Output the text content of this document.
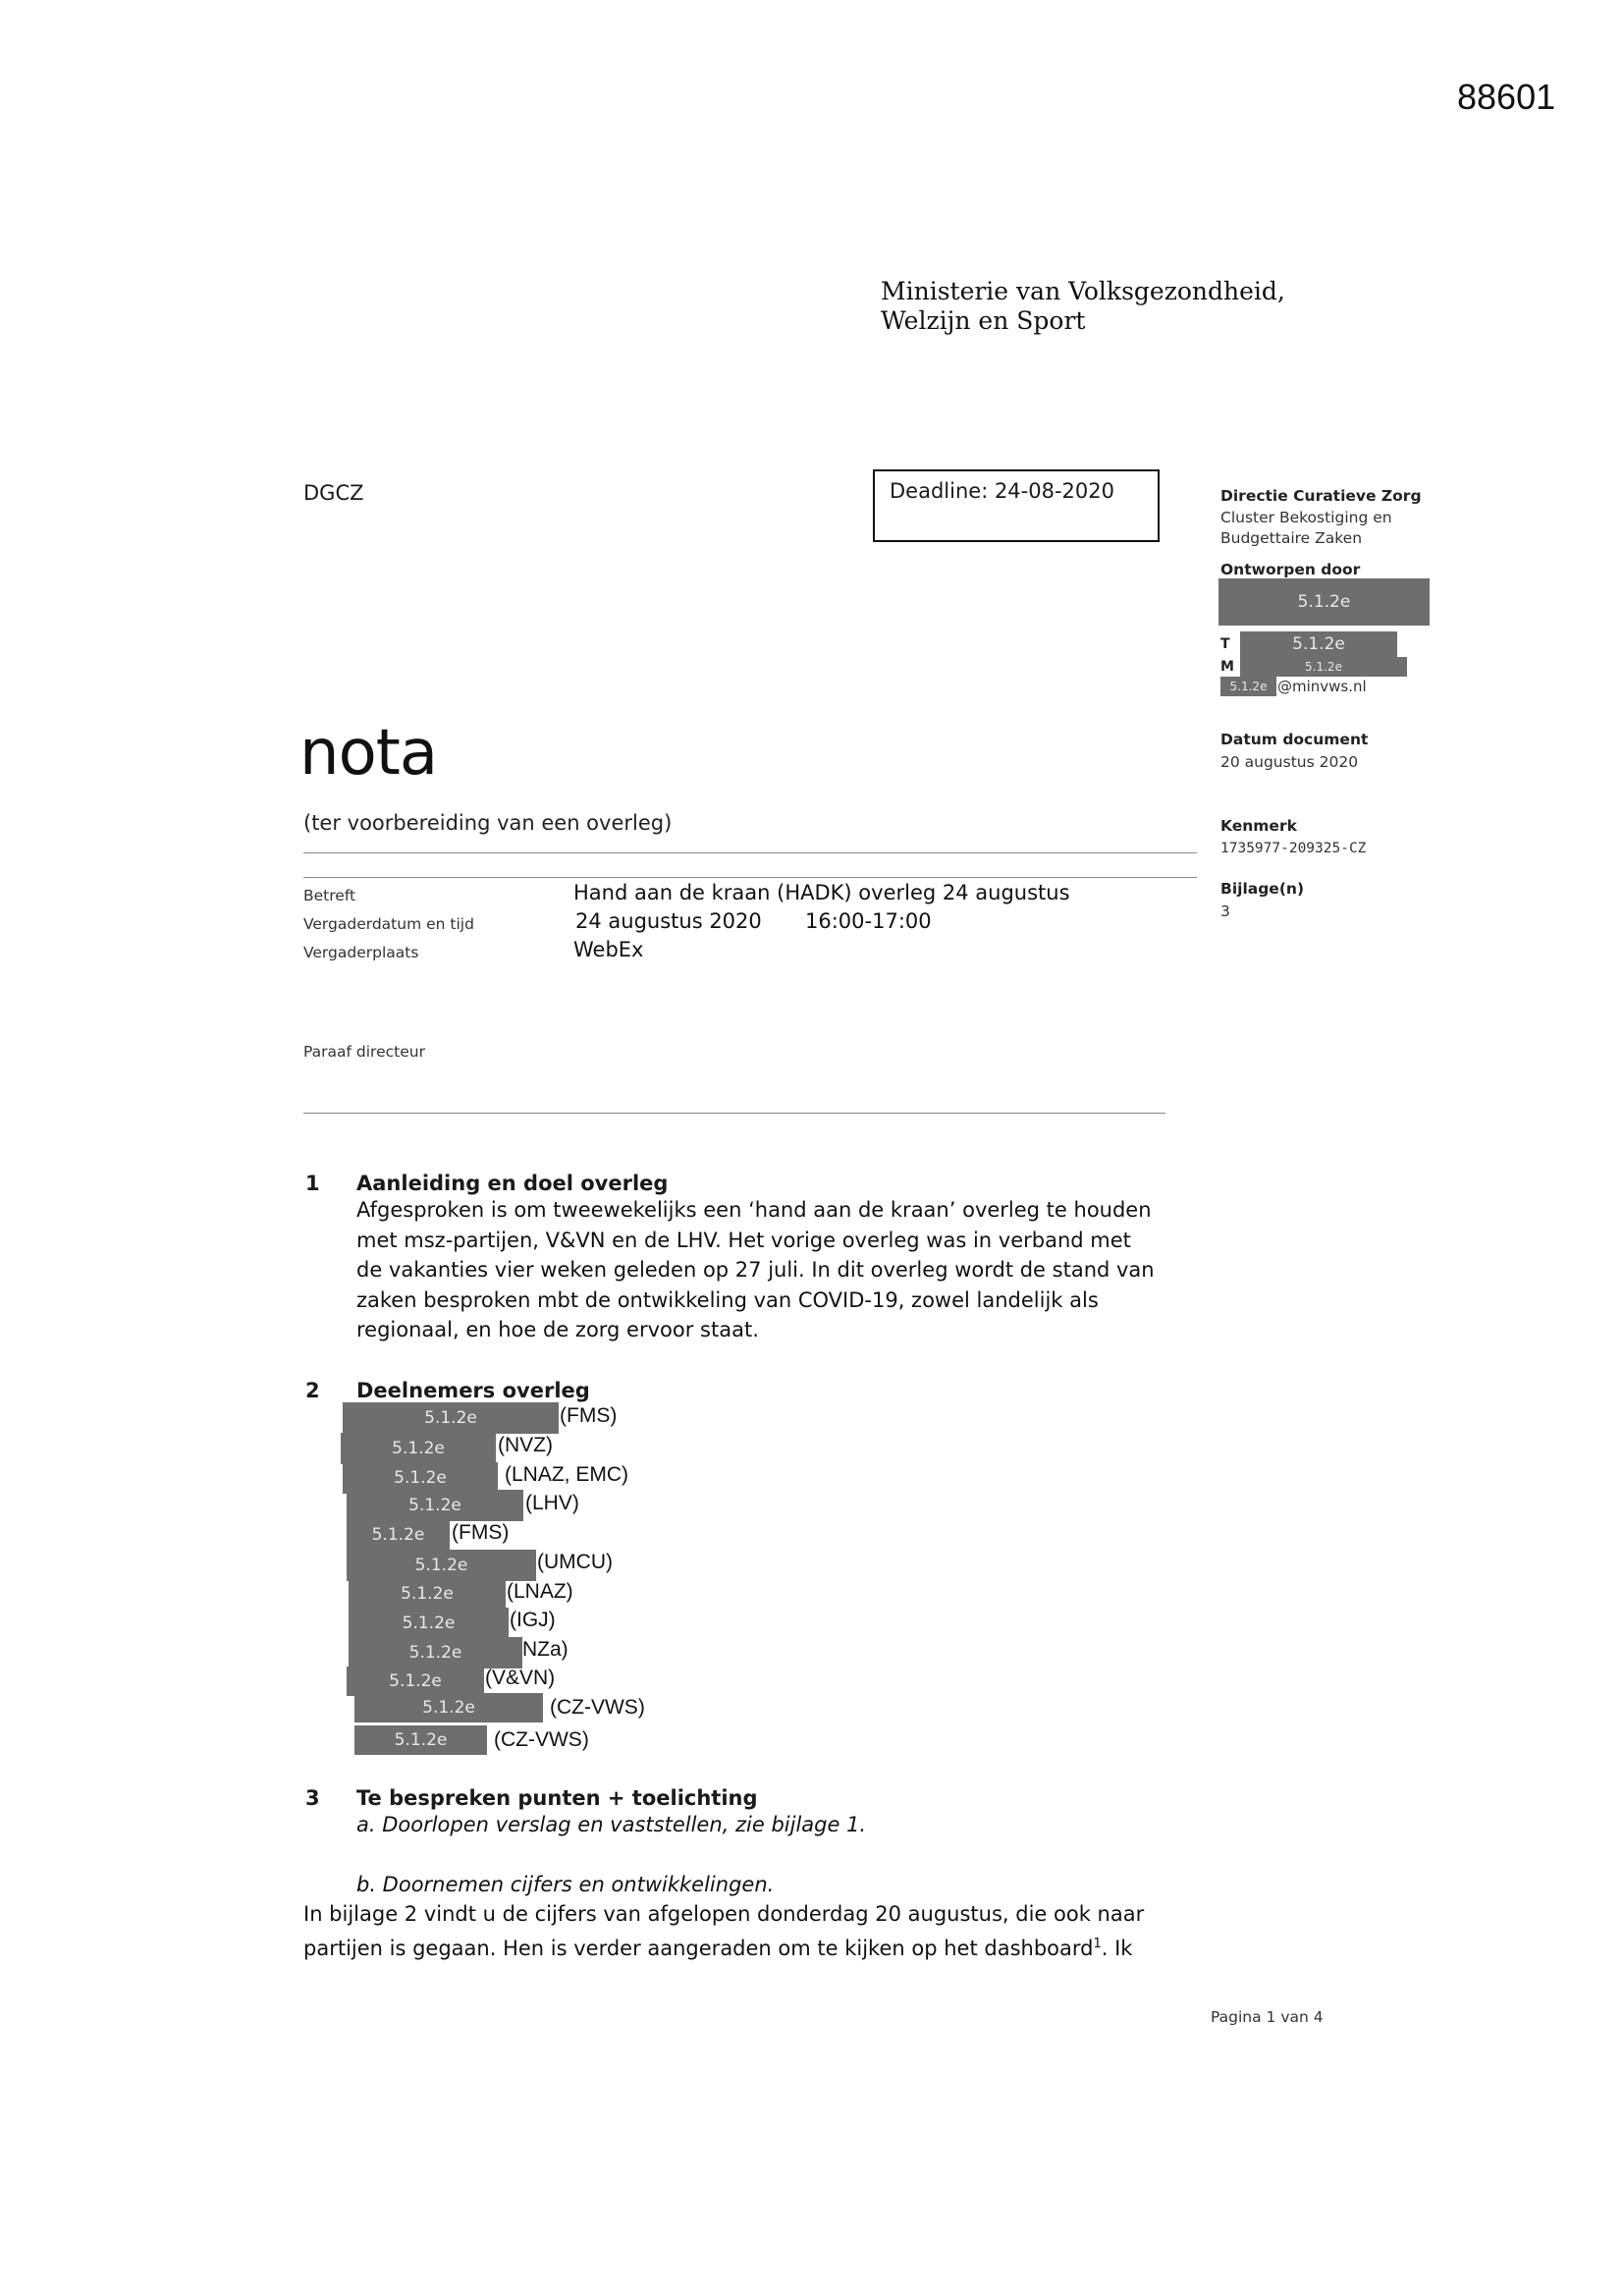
88601
Ministerie van Volksgezondheid,
Welzijn en Sport
DGCZ	Deadline: 24-08-2020	Directie Curatieve Zorg
Cluster Bekostiging en
Budgettaire Zaken
Ontworpen door
5.1.2e
T	5.1.2e
M	5.1.2e
5.1.2e @minvws.nl
Datum document
20 augustus 2020
Kenmerk
1735977-209325-CZ
Bijlage(n)
3
nota
(ter voorbereiding van een overleg)
Betreft	Hand aan de kraan (HADK) overleg 24 augustus
Vergaderdatum en tijd	24 augustus 2020 16:00-17:00
Vergaderplaats	WebEx
Paraaf directeur
1 Aanleiding en doel overleg
Afgesproken is om tweewekelijks een ‘hand aan de kraan’ overleg te houden
met msz-partijen, V&VN en de LHV. Het vorige overleg was in verband met
de vakanties vier weken geleden op 27 juli. In dit overleg wordt de stand van
zaken besproken mbt de ontwikkeling van COVID-19, zowel landelijk als
regionaal, en hoe de zorg ervoor staat.
2 Deelnemers overleg
5.1.2e	(FMS)
5.1.2e	(NVZ)
5.1.2e	(LNAZ, EMC)
5.1.2e	(LHV)
5.1.2e	(FMS)
5.1.2e	(UMCU)
5.1.2e	(LNAZ)
5.1.2e	(IGJ)
5.1.2e	NZa)
5.1.2e	(V&VN)
5.1.2e	(CZ-VWS)
5.1.2e	(CZ-VWS)
3 Te bespreken punten + toelichting
a. Doorlopen verslag en vaststellen, zie bijlage 1.
b. Doornemen cijfers en ontwikkelingen.
In bijlage 2 vindt u de cijfers van afgelopen donderdag 20 augustus, die ook naar
partijen is gegaan. Hen is verder aangeraden om te kijken op het dashboard$^1$. Ik
Pagina 1 van 4
